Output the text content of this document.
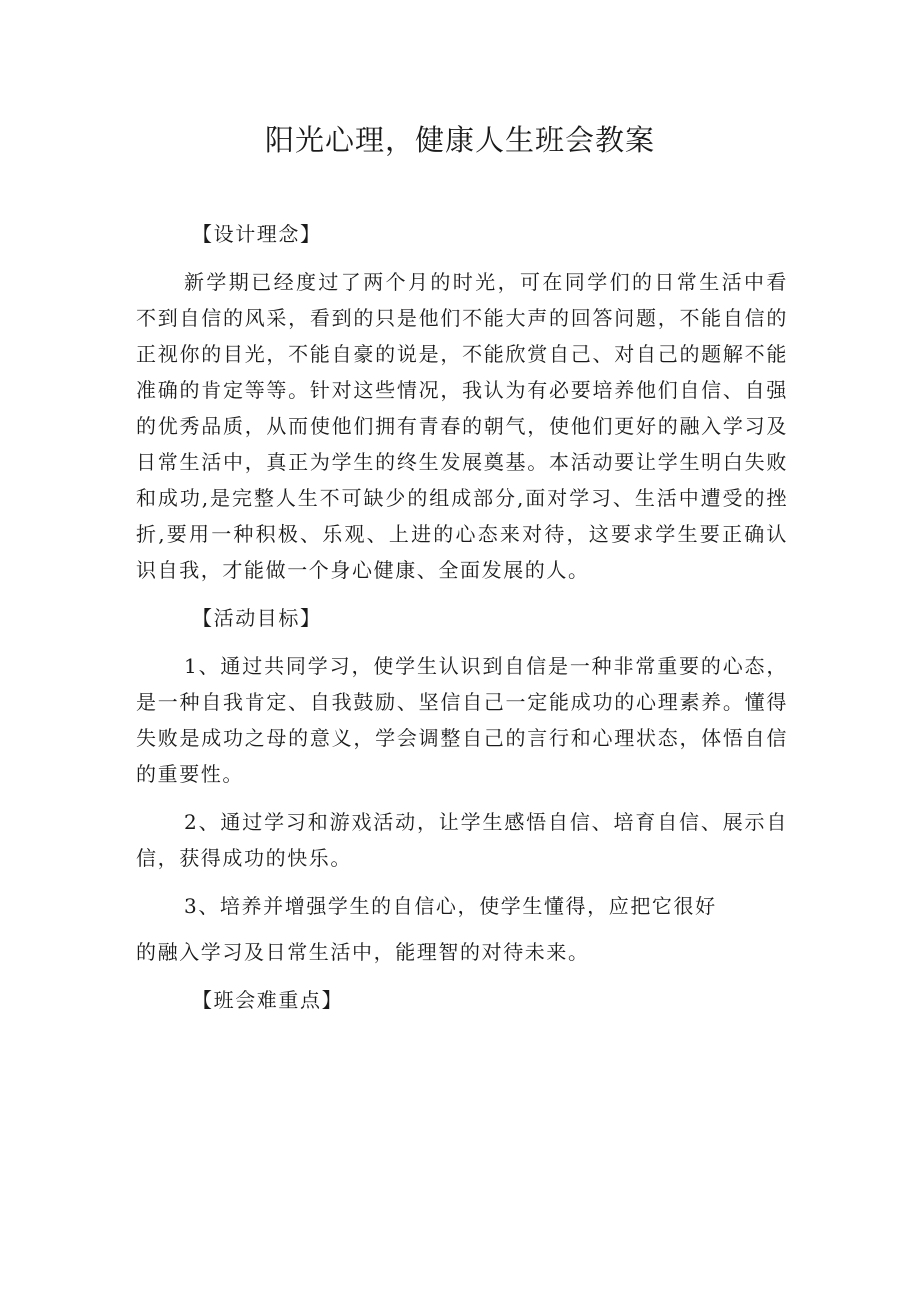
阳光心理，健康人生班会教案
【设计理念】

新学期已经度过了两个月的时光，可在同学们的日常生活中看不到自信的风采，看到的只是他们不能大声的回答问题，不能自信的正视你的目光，不能自豪的说是，不能欣赏自己、对自己的题解不能准确的肯定等等。针对这些情况，我认为有必要培养他们自信、自强的优秀品质，从而使他们拥有青春的朝气，使他们更好的融入学习及日常生活中，真正为学生的终生发展奠基。本活动要让学生明白失败和成功,是完整人生不可缺少的组成部分,面对学习、生活中遭受的挫折,要用一种积极、乐观、上进的心态来对待，这要求学生要正确认识自我，才能做一个身心健康、全面发展的人。

【活动目标】

1、通过共同学习，使学生认识到自信是一种非常重要的心态，是一种自我肯定、自我鼓励、坚信自己一定能成功的心理素养。懂得失败是成功之母的意义，学会调整自己的言行和心理状态，体悟自信的重要性。

2、通过学习和游戏活动，让学生感悟自信、培育自信、展示自信，获得成功的快乐。

3、培养并增强学生的自信心，使学生懂得，应把它很好
的融入学习及日常生活中，能理智的对待未来。

【班会难重点】
